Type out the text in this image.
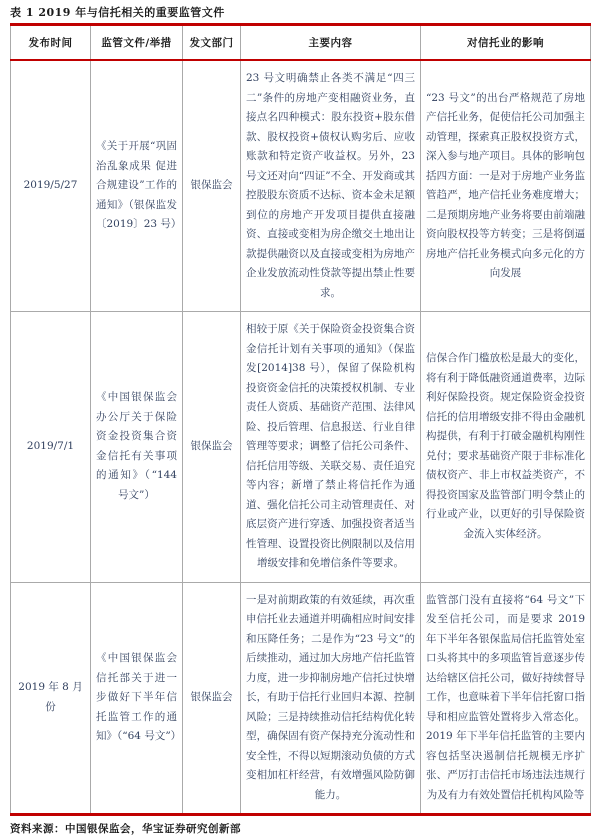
表 1 2019 年与信托相关的重要监管文件
发布时间	监管文件/举措	发文部门	主要内容	对信托业的影响
2019/5/27	《关于开展“巩固治乱象成果 促进合规建设”工作的通知》（银保监发〔2019〕23 号）	银保监会	23 号文明确禁止各类不满足“四三二”条件的房地产变相融资业务，直接点名四种模式：股东投资+股东借款、股权投资+债权认购劣后、应收账款和特定资产收益权。另外，23 号文还对向“四证”不全、开发商或其控股股东资质不达标、资本金未足额到位的房地产开发项目提供直接融资、直接或变相为房企缴交土地出让款提供融资以及直接或变相为房地产企业发放流动性贷款等提出禁止性要求。	“23 号文”的出台严格规范了房地产信托业务，促使信托公司加强主动管理，探索真正股权投资方式，深入参与地产项目。具体的影响包括四方面：一是对于房地产业务监管趋严，地产信托业务难度增大；二是预期房地产业务将要由前端融资向股权投等方转变；三是将倒逼房地产信托业务模式向多元化的方向发展
2019/7/1	《中国银保监会办公厅关于保险资金投资集合资金信托有关事项的通知》（“144 号文”）	银保监会	相较于原《关于保险资金投资集合资金信托计划有关事项的通知》（保监发[2014]38 号），保留了保险机构投资资金信托的决策授权机制、专业责任人资质、基础资产范围、法律风险、投后管理、信息报送、行业自律管理等要求；调整了信托公司条件、信托信用等级、关联交易、责任追究等内容；新增了禁止将信托作为通道、强化信托公司主动管理责任、对底层资产进行穿透、加强投资者适当性管理、设置投资比例限制以及信用增级安排和免增信条件等要求。	信保合作门槛放松是最大的变化，将有利于降低融资通道费率，边际利好保险投资。规定保险资金投资信托的信用增级安排不得由金融机构提供，有利于打破金融机构刚性兑付；要求基础资产限于非标准化债权资产、非上市权益类资产，不得投资国家及监管部门明令禁止的行业或产业，以更好的引导保险资金流入实体经济。
2019 年 8 月份	《中国银保监会信托部关于进一步做好下半年信托监管工作的通知》（“64 号文”）	银保监会	一是对前期政策的有效延续，再次重申信托业去通道并明确相应时间安排和压降任务；二是作为“23 号文”的后续推动，通过加大房地产信托监管力度，进一步抑制房地产信托过快增长，有助于信托行业回归本源、控制风险；三是持续推动信托结构优化转型，确保固有资产保持充分流动性和安全性，不得以短期滚动负债的方式变相加杠杆经营，有效增强风险防御能力。	监管部门没有直接将“64 号文”下发至信托公司，而是要求 2019 年下半年各银保监局信托监管处室口头将其中的多项监管旨意逐步传达给辖区信托公司，做好持续督导工作，也意味着下半年信托窗口指导和相应监管处置将步入常态化。2019 年下半年信托监管的主要内容包括坚决遏制信托规模无序扩张、严厉打击信托市场违法违规行为及有力有效处置信托机构风险等
资料来源：中国银保监会，华宝证券研究创新部
